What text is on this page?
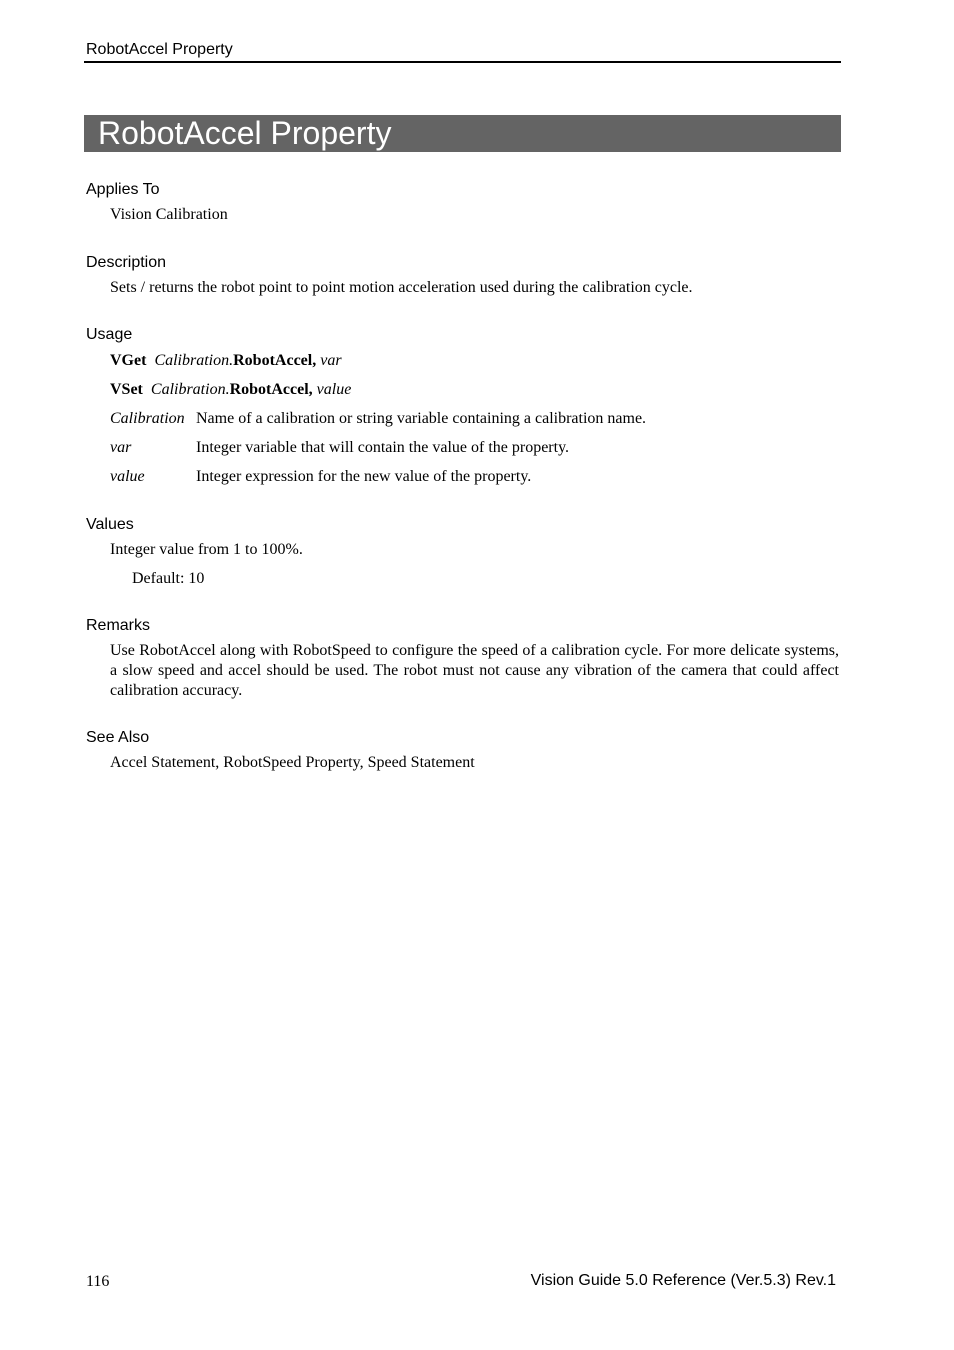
RobotAccel Property
RobotAccel Property
Applies To
Vision Calibration
Description
Sets / returns the robot point to point motion acceleration used during the calibration cycle.
Usage
VGet Calibration.RobotAccel, var
VSet Calibration.RobotAccel, value
Calibration Name of a calibration or string variable containing a calibration name.
var	Integer variable that will contain the value of the property.
value	Integer expression for the new value of the property.
Values
Integer value from 1 to 100%.
Default: 10
Remarks
Use RobotAccel along with RobotSpeed to configure the speed of a calibration cycle. For more delicate systems, a slow speed and accel should be used. The robot must not cause any vibration of the camera that could affect calibration accuracy.
See Also
Accel Statement, RobotSpeed Property, Speed Statement
116	Vision Guide 5.0 Reference (Ver.5.3) Rev.1
